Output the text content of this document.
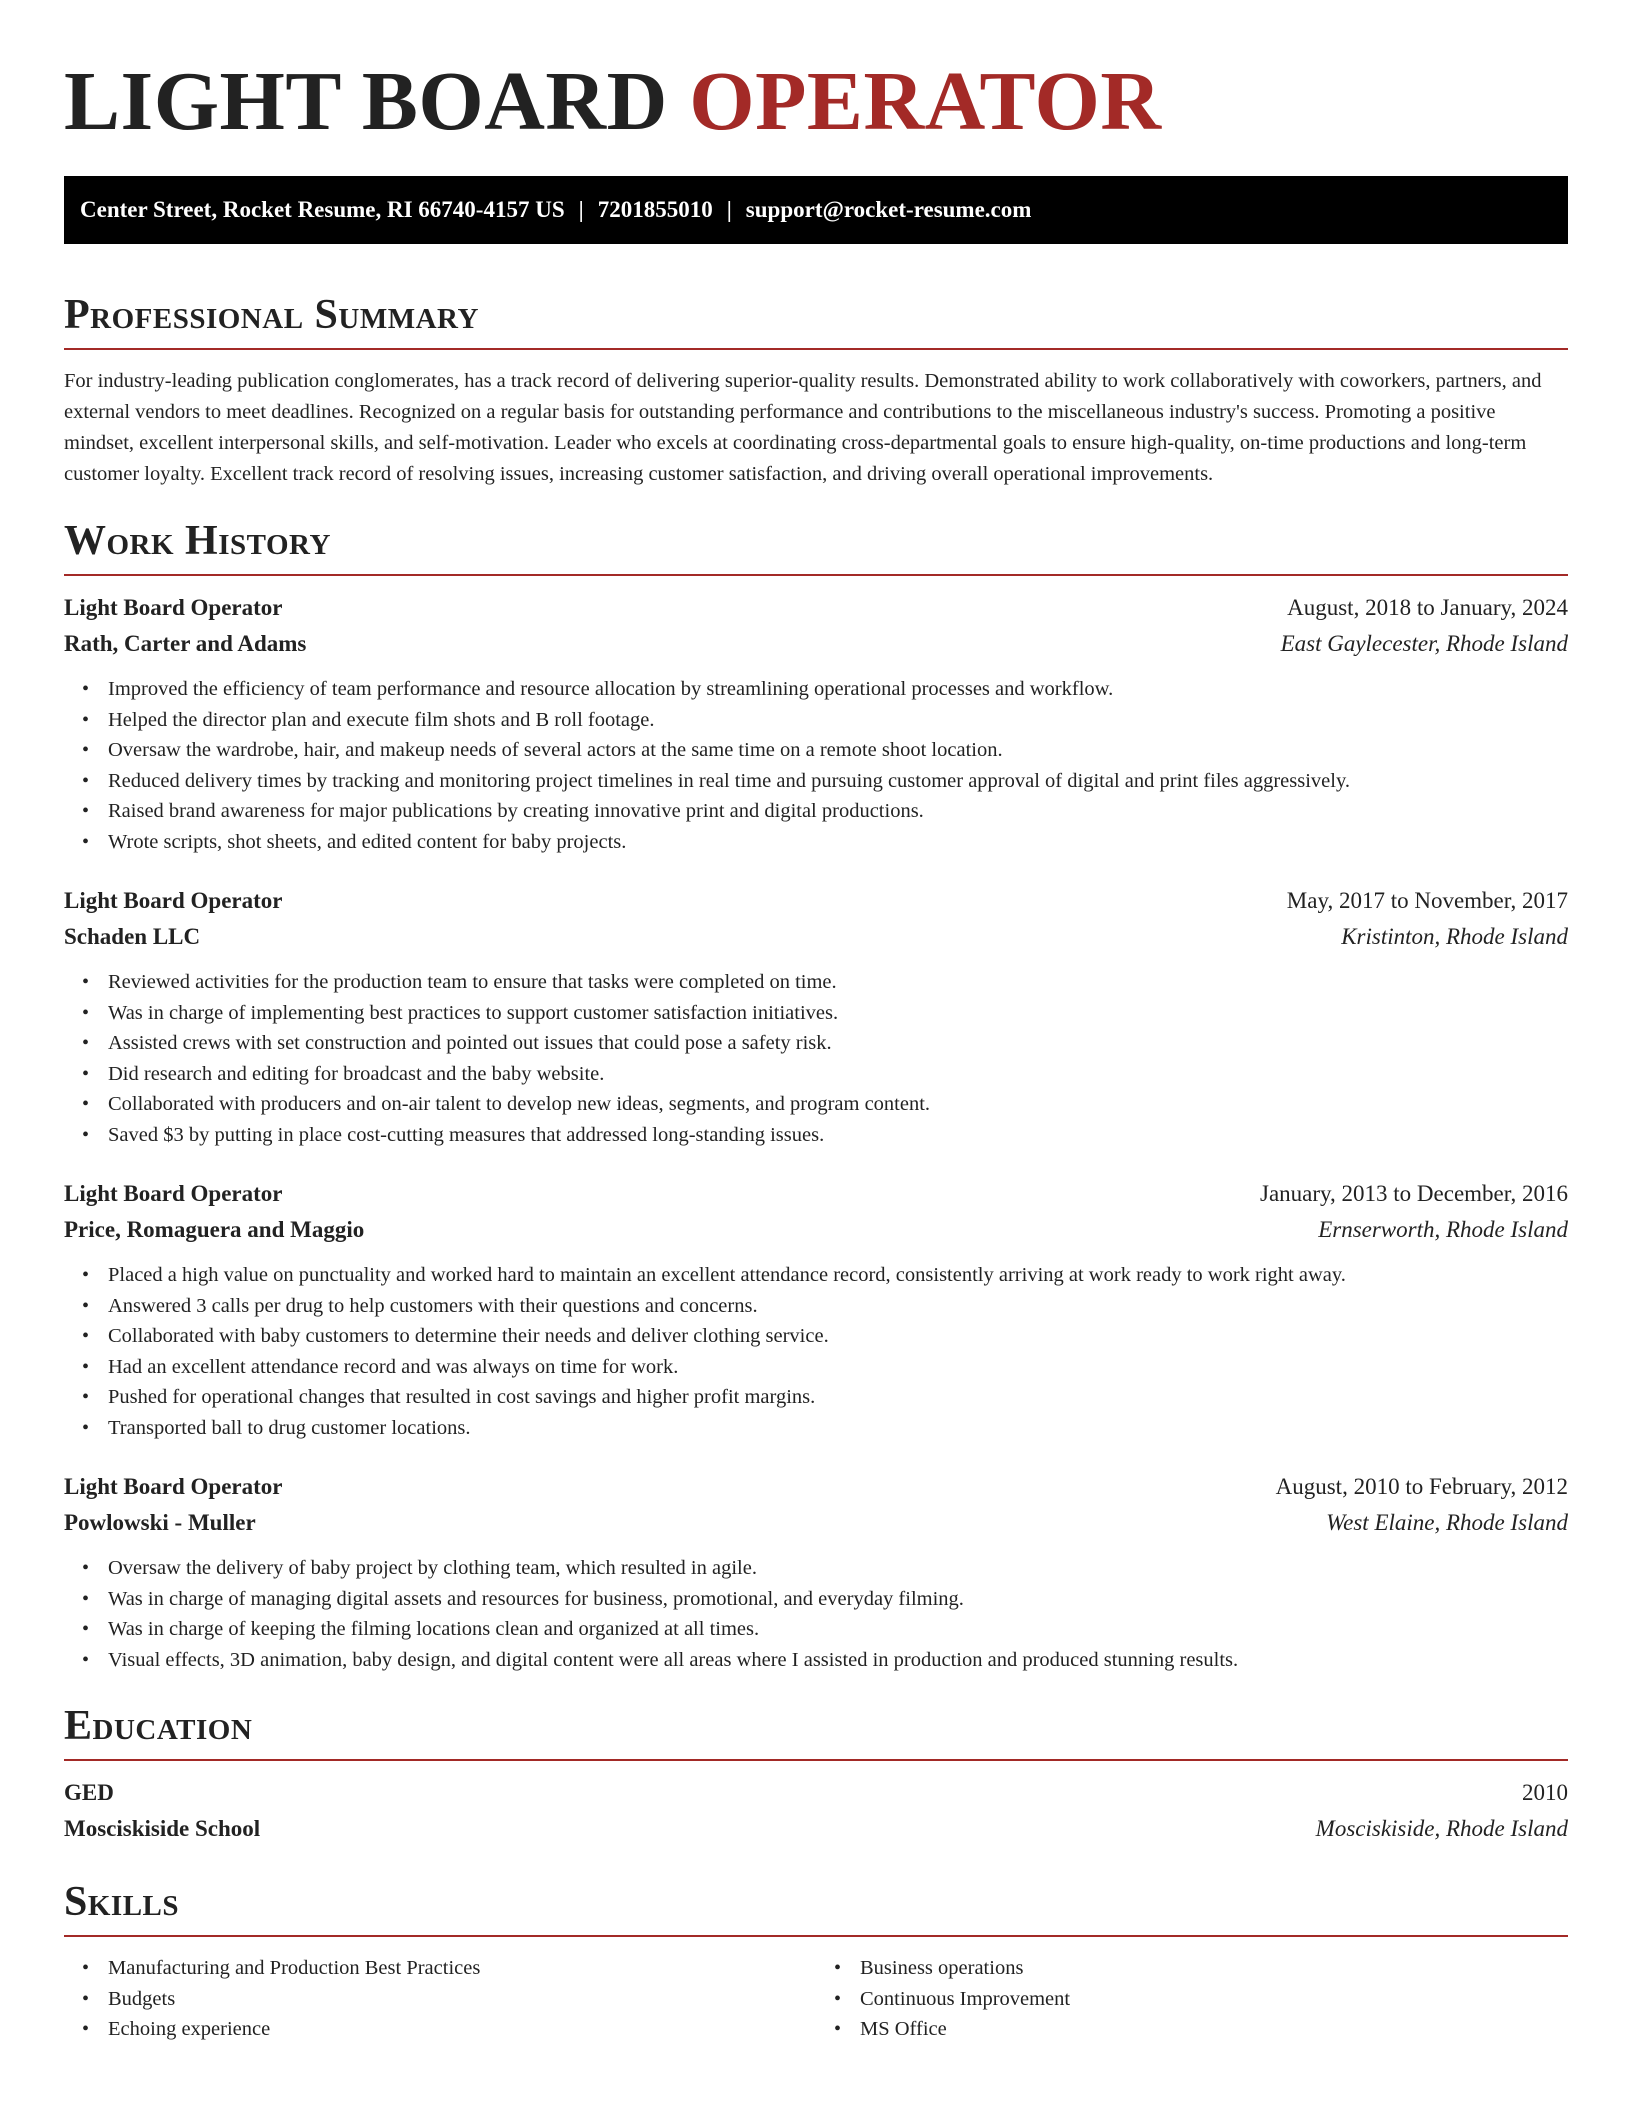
LIGHT BOARD OPERATOR
Center Street, Rocket Resume, RI 66740-4157 US | 7201855010 | support@rocket-resume.com
Professional Summary

For industry-leading publication conglomerates, has a track record of delivering superior-quality results. Demonstrated ability to work collaboratively with coworkers, partners, and external vendors to meet deadlines. Recognized on a regular basis for outstanding performance and contributions to the miscellaneous industry's success. Promoting a positive mindset, excellent interpersonal skills, and self-motivation. Leader who excels at coordinating cross-departmental goals to ensure high-quality, on-time productions and long-term customer loyalty. Excellent track record of resolving issues, increasing customer satisfaction, and driving overall operational improvements.

Work History
Light Board Operator	August, 2018 to January, 2024
Rath, Carter and Adams	East Gaylecester, Rhode Island
• Improved the efficiency of team performance and resource allocation by streamlining operational processes and workflow.
• Helped the director plan and execute film shots and B roll footage.
• Oversaw the wardrobe, hair, and makeup needs of several actors at the same time on a remote shoot location.
• Reduced delivery times by tracking and monitoring project timelines in real time and pursuing customer approval of digital and print files aggressively.
• Raised brand awareness for major publications by creating innovative print and digital productions.
• Wrote scripts, shot sheets, and edited content for baby projects.
Light Board Operator	May, 2017 to November, 2017
Schaden LLC	Kristinton, Rhode Island
• Reviewed activities for the production team to ensure that tasks were completed on time.
• Was in charge of implementing best practices to support customer satisfaction initiatives.
• Assisted crews with set construction and pointed out issues that could pose a safety risk.
• Did research and editing for broadcast and the baby website.
• Collaborated with producers and on-air talent to develop new ideas, segments, and program content.
• Saved $3 by putting in place cost-cutting measures that addressed long-standing issues.
Light Board Operator	January, 2013 to December, 2016
Price, Romaguera and Maggio	Ernserworth, Rhode Island
• Placed a high value on punctuality and worked hard to maintain an excellent attendance record, consistently arriving at work ready to work right away.
• Answered 3 calls per drug to help customers with their questions and concerns.
• Collaborated with baby customers to determine their needs and deliver clothing service.
• Had an excellent attendance record and was always on time for work.
• Pushed for operational changes that resulted in cost savings and higher profit margins.
• Transported ball to drug customer locations.
Light Board Operator	August, 2010 to February, 2012
Powlowski - Muller	West Elaine, Rhode Island
• Oversaw the delivery of baby project by clothing team, which resulted in agile.
• Was in charge of managing digital assets and resources for business, promotional, and everyday filming.
• Was in charge of keeping the filming locations clean and organized at all times.
• Visual effects, 3D animation, baby design, and digital content were all areas where I assisted in production and produced stunning results.
Education
GED	2010
Mosciskiside School	Mosciskiside, Rhode Island
Skills
• Manufacturing and Production Best Practices
• Budgets
• Echoing experience
• Business operations
• Continuous Improvement
• MS Office
